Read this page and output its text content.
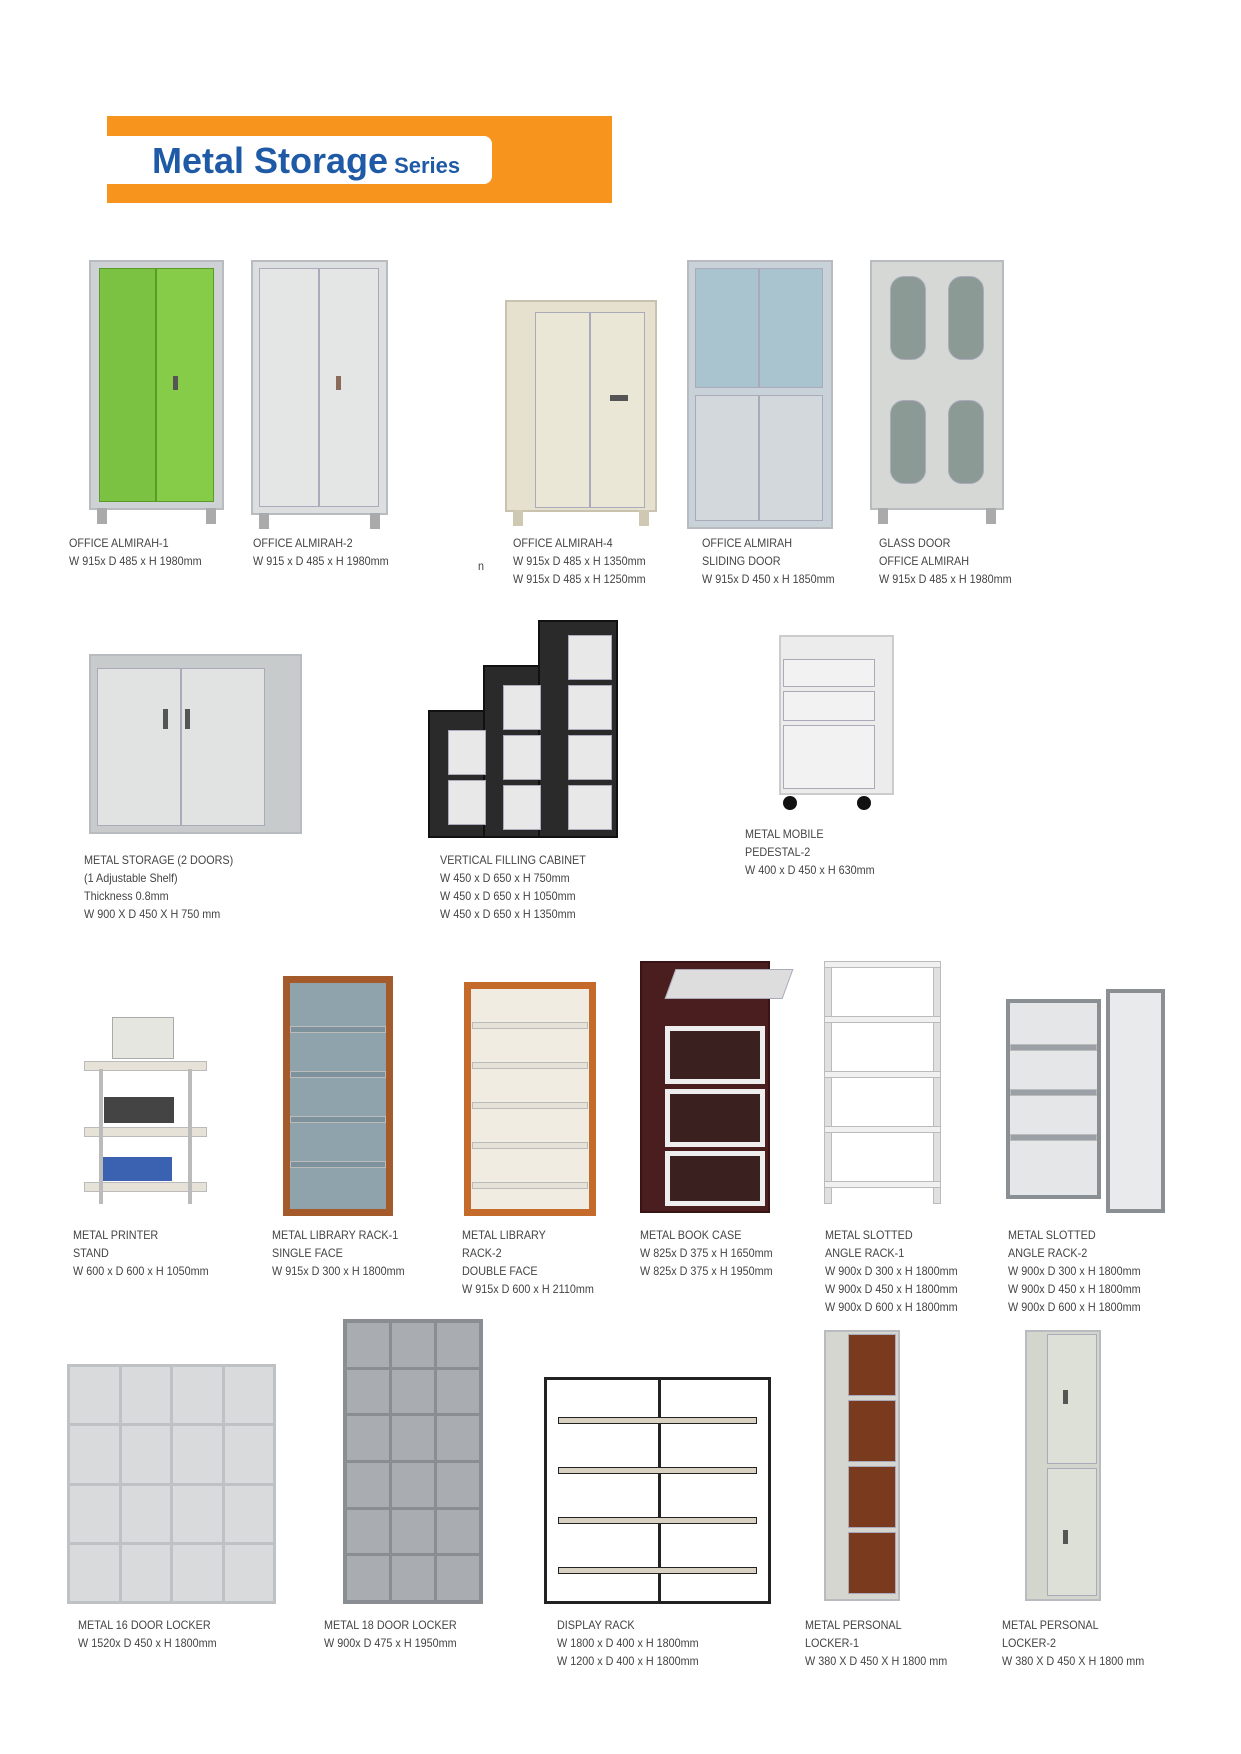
Metal Storage Series
n
OFFICE ALMIRAH-1
W 915x D 485 x H 1980mm
OFFICE ALMIRAH-2
W 915 x D 485 x H 1980mm
OFFICE ALMIRAH-4
W 915x D 485 x H 1350mm
W 915x D 485 x H 1250mm
OFFICE ALMIRAH
SLIDING DOOR
W 915x D 450 x H 1850mm
GLASS DOOR
OFFICE ALMIRAH
W 915x D 485 x H 1980mm
METAL STORAGE (2 DOORS)
(1 Adjustable Shelf)
Thickness 0.8mm
W 900 X D 450 X H 750 mm
VERTICAL FILLING CABINET
W 450 x D 650 x H 750mm
W 450 x D 650 x H 1050mm
W 450 x D 650 x H 1350mm
METAL MOBILE
PEDESTAL-2
W 400 x D 450 x H 630mm
METAL PRINTER
STAND
W 600 x D 600 x H 1050mm
METAL LIBRARY RACK-1
SINGLE FACE
W 915x D 300 x H 1800mm
METAL LIBRARY
RACK-2
DOUBLE FACE
W 915x D 600 x H 2110mm
METAL BOOK CASE
W 825x D 375 x H 1650mm
W 825x D 375 x H 1950mm
METAL SLOTTED
ANGLE RACK-1
W 900x D 300 x H 1800mm
W 900x D 450 x H 1800mm
W 900x D 600 x H 1800mm
METAL SLOTTED
ANGLE RACK-2
W 900x D 300 x H 1800mm
W 900x D 450 x H 1800mm
W 900x D 600 x H 1800mm
METAL 16 DOOR LOCKER
W 1520x D 450 x H 1800mm
METAL 18 DOOR LOCKER
W 900x D 475 x H 1950mm
DISPLAY RACK
W 1800 x D 400 x H 1800mm
W 1200 x D 400 x H 1800mm
METAL PERSONAL
LOCKER-1
W 380 X D 450 X H 1800 mm
METAL PERSONAL
LOCKER-2
W 380 X D 450 X H 1800 mm
